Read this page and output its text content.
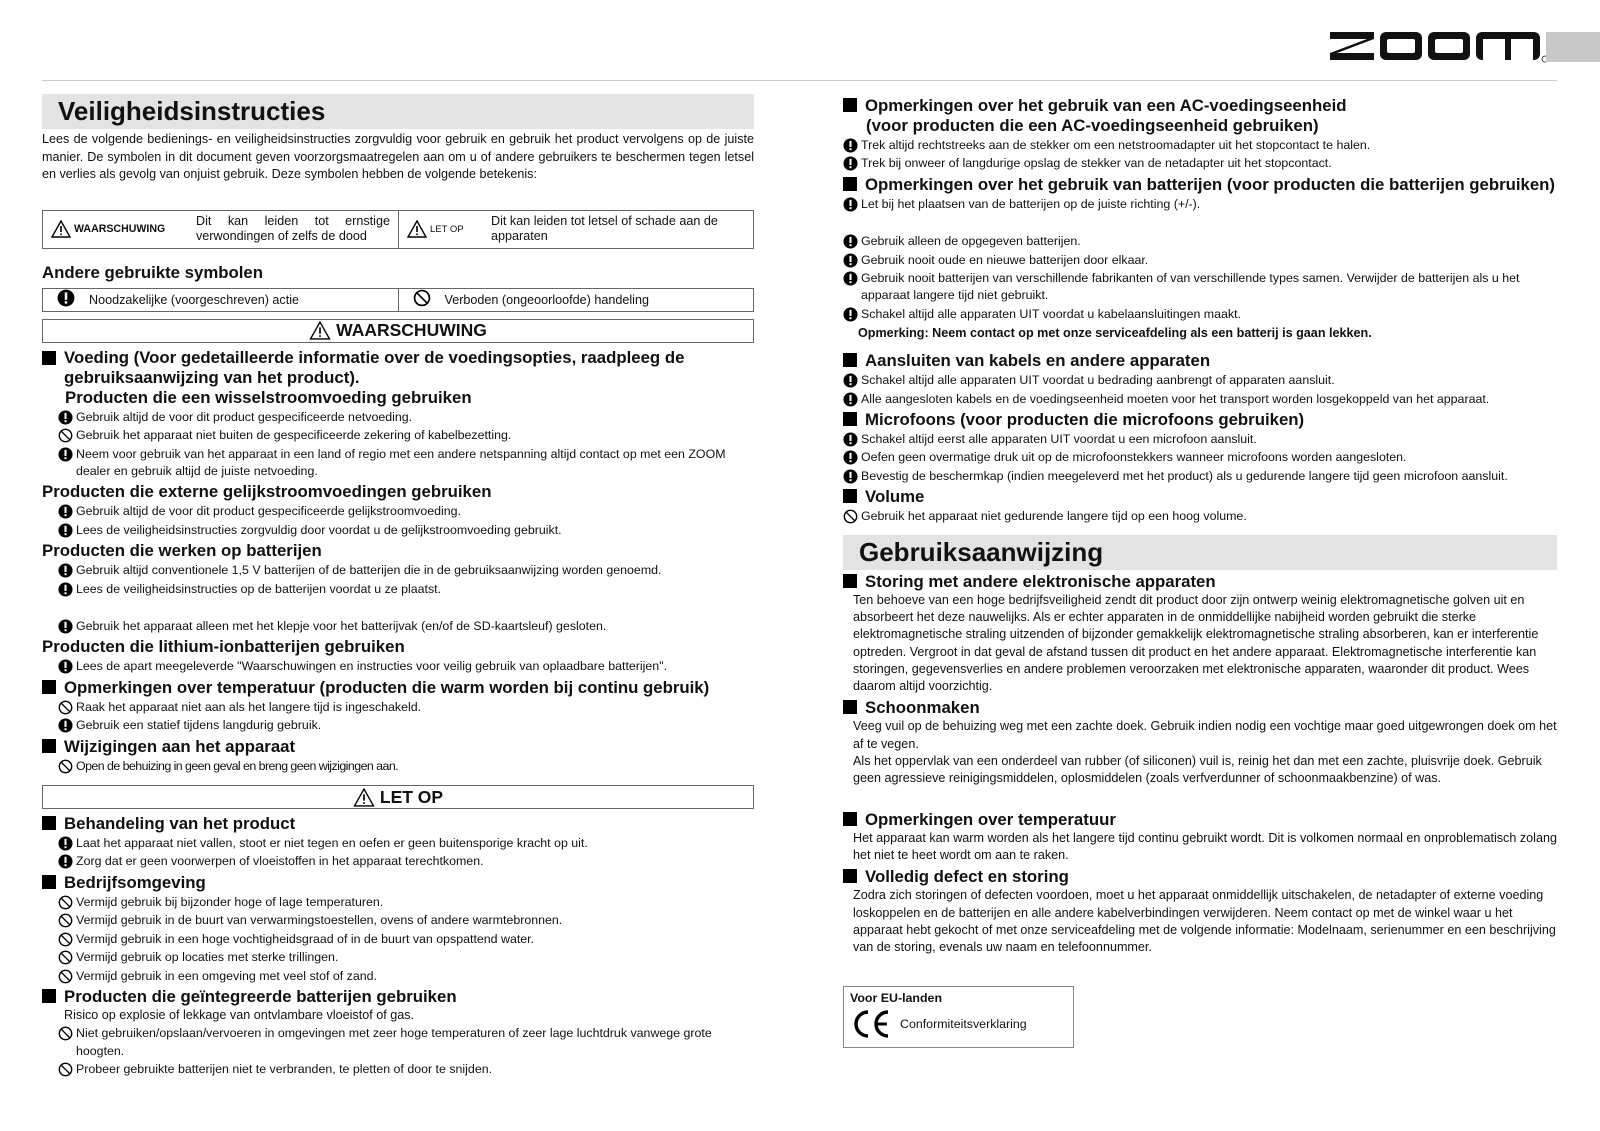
Veiligheidsinstructies
Lees de volgende bedienings- en veiligheidsinstructies zorgvuldig voor gebruik en gebruik het product vervolgens op de juiste manier. De symbolen in dit document geven voorzorgsmaatregelen aan om u of andere gebruikers te beschermen tegen letsel en verlies als gevolg van onjuist gebruik. Deze symbolen hebben de volgende betekenis:
WAARSCHUWING
Dit kan leiden tot ernstige verwondingen of zelfs de dood	LET OP
Dit kan leiden tot letsel of schade aan de apparaten
Andere gebruikte symbolen
Noodzakelijke (voorgeschreven) actie	Verboden (ongeoorloofde) handeling
WAARSCHUWING
Voeding (Voor gedetailleerde informatie over de voedingsopties, raadpleeg de gebruiksaanwijzing van het product).
Producten die een wisselstroomvoeding gebruiken
Gebruik altijd de voor dit product gespecificeerde netvoeding.
Gebruik het apparaat niet buiten de gespecificeerde zekering of kabelbezetting.
Neem voor gebruik van het apparaat in een land of regio met een andere netspanning altijd contact op met een ZOOM dealer en gebruik altijd de juiste netvoeding.
Producten die externe gelijkstroomvoedingen gebruiken
Gebruik altijd de voor dit product gespecificeerde gelijkstroomvoeding.
Lees de veiligheidsinstructies zorgvuldig door voordat u de gelijkstroomvoeding gebruikt.
Producten die werken op batterijen
Gebruik altijd conventionele 1,5 V batterijen of de batterijen die in de gebruiksaanwijzing worden genoemd.
Lees de veiligheidsinstructies op de batterijen voordat u ze plaatst.
Gebruik het apparaat alleen met het klepje voor het batterijvak (en/of de SD-kaartsleuf) gesloten.
Producten die lithium-ionbatterijen gebruiken
Lees de apart meegeleverde "Waarschuwingen en instructies voor veilig gebruik van oplaadbare batterijen".
Opmerkingen over temperatuur (producten die warm worden bij continu gebruik)
Raak het apparaat niet aan als het langere tijd is ingeschakeld.
Gebruik een statief tijdens langdurig gebruik.
Wijzigingen aan het apparaat
Open de behuizing in geen geval en breng geen wijzigingen aan.
LET OP
Behandeling van het product
Laat het apparaat niet vallen, stoot er niet tegen en oefen er geen buitensporige kracht op uit.
Zorg dat er geen voorwerpen of vloeistoffen in het apparaat terechtkomen.
Bedrijfsomgeving
Vermijd gebruik bij bijzonder hoge of lage temperaturen.
Vermijd gebruik in de buurt van verwarmingstoestellen, ovens of andere warmtebronnen.
Vermijd gebruik in een hoge vochtigheidsgraad of in de buurt van opspattend water.
Vermijd gebruik op locaties met sterke trillingen.
Vermijd gebruik in een omgeving met veel stof of zand.
Producten die geïntegreerde batterijen gebruiken
Risico op explosie of lekkage van ontvlambare vloeistof of gas.
Niet gebruiken/opslaan/vervoeren in omgevingen met zeer hoge temperaturen of zeer lage luchtdruk vanwege grote hoogten.
Probeer gebruikte batterijen niet te verbranden, te pletten of door te snijden.
Opmerkingen over het gebruik van een AC-voedingseenheid
(voor producten die een AC-voedingseenheid gebruiken)
Trek altijd rechtstreeks aan de stekker om een netstroomadapter uit het stopcontact te halen.
Trek bij onweer of langdurige opslag de stekker van de netadapter uit het stopcontact.
Opmerkingen over het gebruik van batterijen (voor producten die batterijen gebruiken)
Let bij het plaatsen van de batterijen op de juiste richting (+/-).
Gebruik alleen de opgegeven batterijen.
Gebruik nooit oude en nieuwe batterijen door elkaar.
Gebruik nooit batterijen van verschillende fabrikanten of van verschillende types samen. Verwijder de batterijen als u het apparaat langere tijd niet gebruikt.
Schakel altijd alle apparaten UIT voordat u kabelaansluitingen maakt.
Opmerking: Neem contact op met onze serviceafdeling als een batterij is gaan lekken.
Aansluiten van kabels en andere apparaten
Schakel altijd alle apparaten UIT voordat u bedrading aanbrengt of apparaten aansluit.
Alle aangesloten kabels en de voedingseenheid moeten voor het transport worden losgekoppeld van het apparaat.
Microfoons (voor producten die microfoons gebruiken)
Schakel altijd eerst alle apparaten UIT voordat u een microfoon aansluit.
Oefen geen overmatige druk uit op de microfoonstekkers wanneer microfoons worden aangesloten.
Bevestig de beschermkap (indien meegeleverd met het product) als u gedurende langere tijd geen microfoon aansluit.
Volume
Gebruik het apparaat niet gedurende langere tijd op een hoog volume.
Gebruiksaanwijzing
Storing met andere elektronische apparaten
Ten behoeve van een hoge bedrijfsveiligheid zendt dit product door zijn ontwerp weinig elektromagnetische golven uit en absorbeert het deze nauwelijks. Als er echter apparaten in de onmiddellijke nabijheid worden gebruikt die sterke elektromagnetische straling uitzenden of bijzonder gemakkelijk elektromagnetische straling absorberen, kan er interferentie optreden. Vergroot in dat geval de afstand tussen dit product en het andere apparaat. Elektromagnetische interferentie kan storingen, gegevensverlies en andere problemen veroorzaken met elektronische apparaten, waaronder dit product. Wees daarom altijd voorzichtig.
Schoonmaken
Veeg vuil op de behuizing weg met een zachte doek. Gebruik indien nodig een vochtige maar goed uitgewrongen doek om het af te vegen.
Als het oppervlak van een onderdeel van rubber (of siliconen) vuil is, reinig het dan met een zachte, pluisvrije doek. Gebruik geen agressieve reinigingsmiddelen, oplosmiddelen (zoals verfverdunner of schoonmaakbenzine) of was.
Opmerkingen over temperatuur
Het apparaat kan warm worden als het langere tijd continu gebruikt wordt. Dit is volkomen normaal en onproblematisch zolang het niet te heet wordt om aan te raken.
Volledig defect en storing
Zodra zich storingen of defecten voordoen, moet u het apparaat onmiddellijk uitschakelen, de netadapter of externe voeding loskoppelen en de batterijen en alle andere kabelverbindingen verwijderen. Neem contact op met de winkel waar u het apparaat hebt gekocht of met onze serviceafdeling met de volgende informatie: Modelnaam, serienummer en een beschrijving van de storing, evenals uw naam en telefoonnummer.
Voor EU-landen
Conformiteitsverklaring
